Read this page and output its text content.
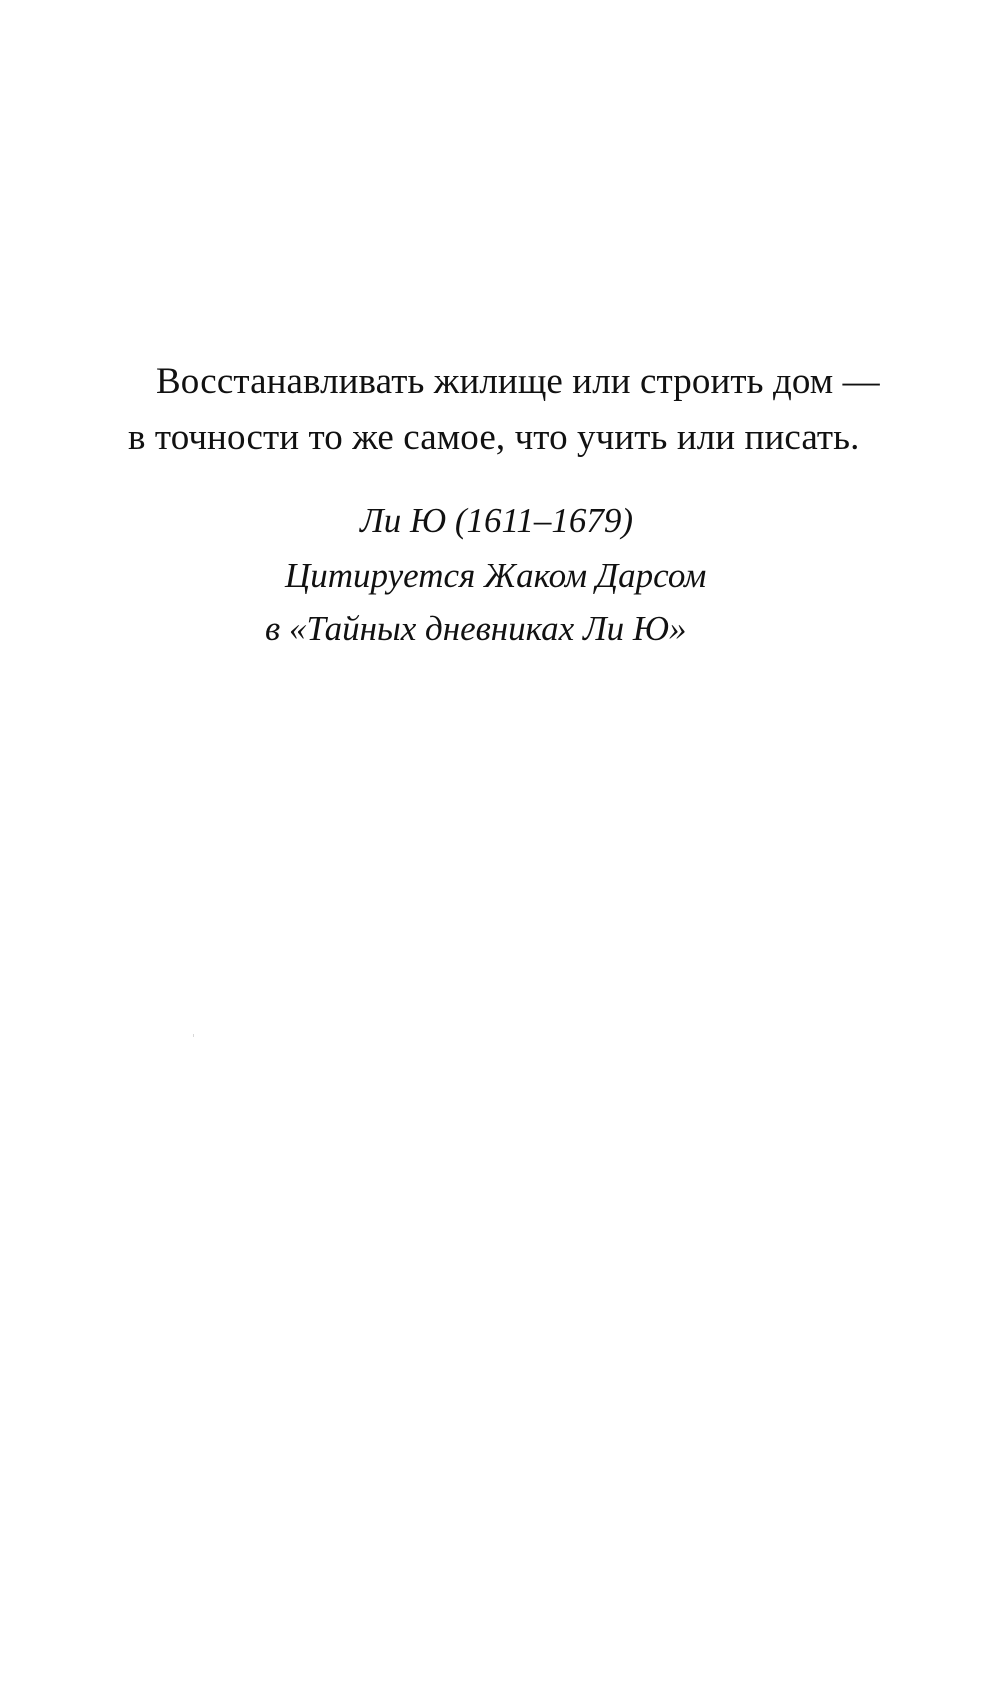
Восстанавливать жилище или строить дом —
в точности то же самое, что учить или писать.
Ли Ю (1611–1679)
Цитируется Жаком Дарсом
в «Тайных дневниках Ли Ю»
